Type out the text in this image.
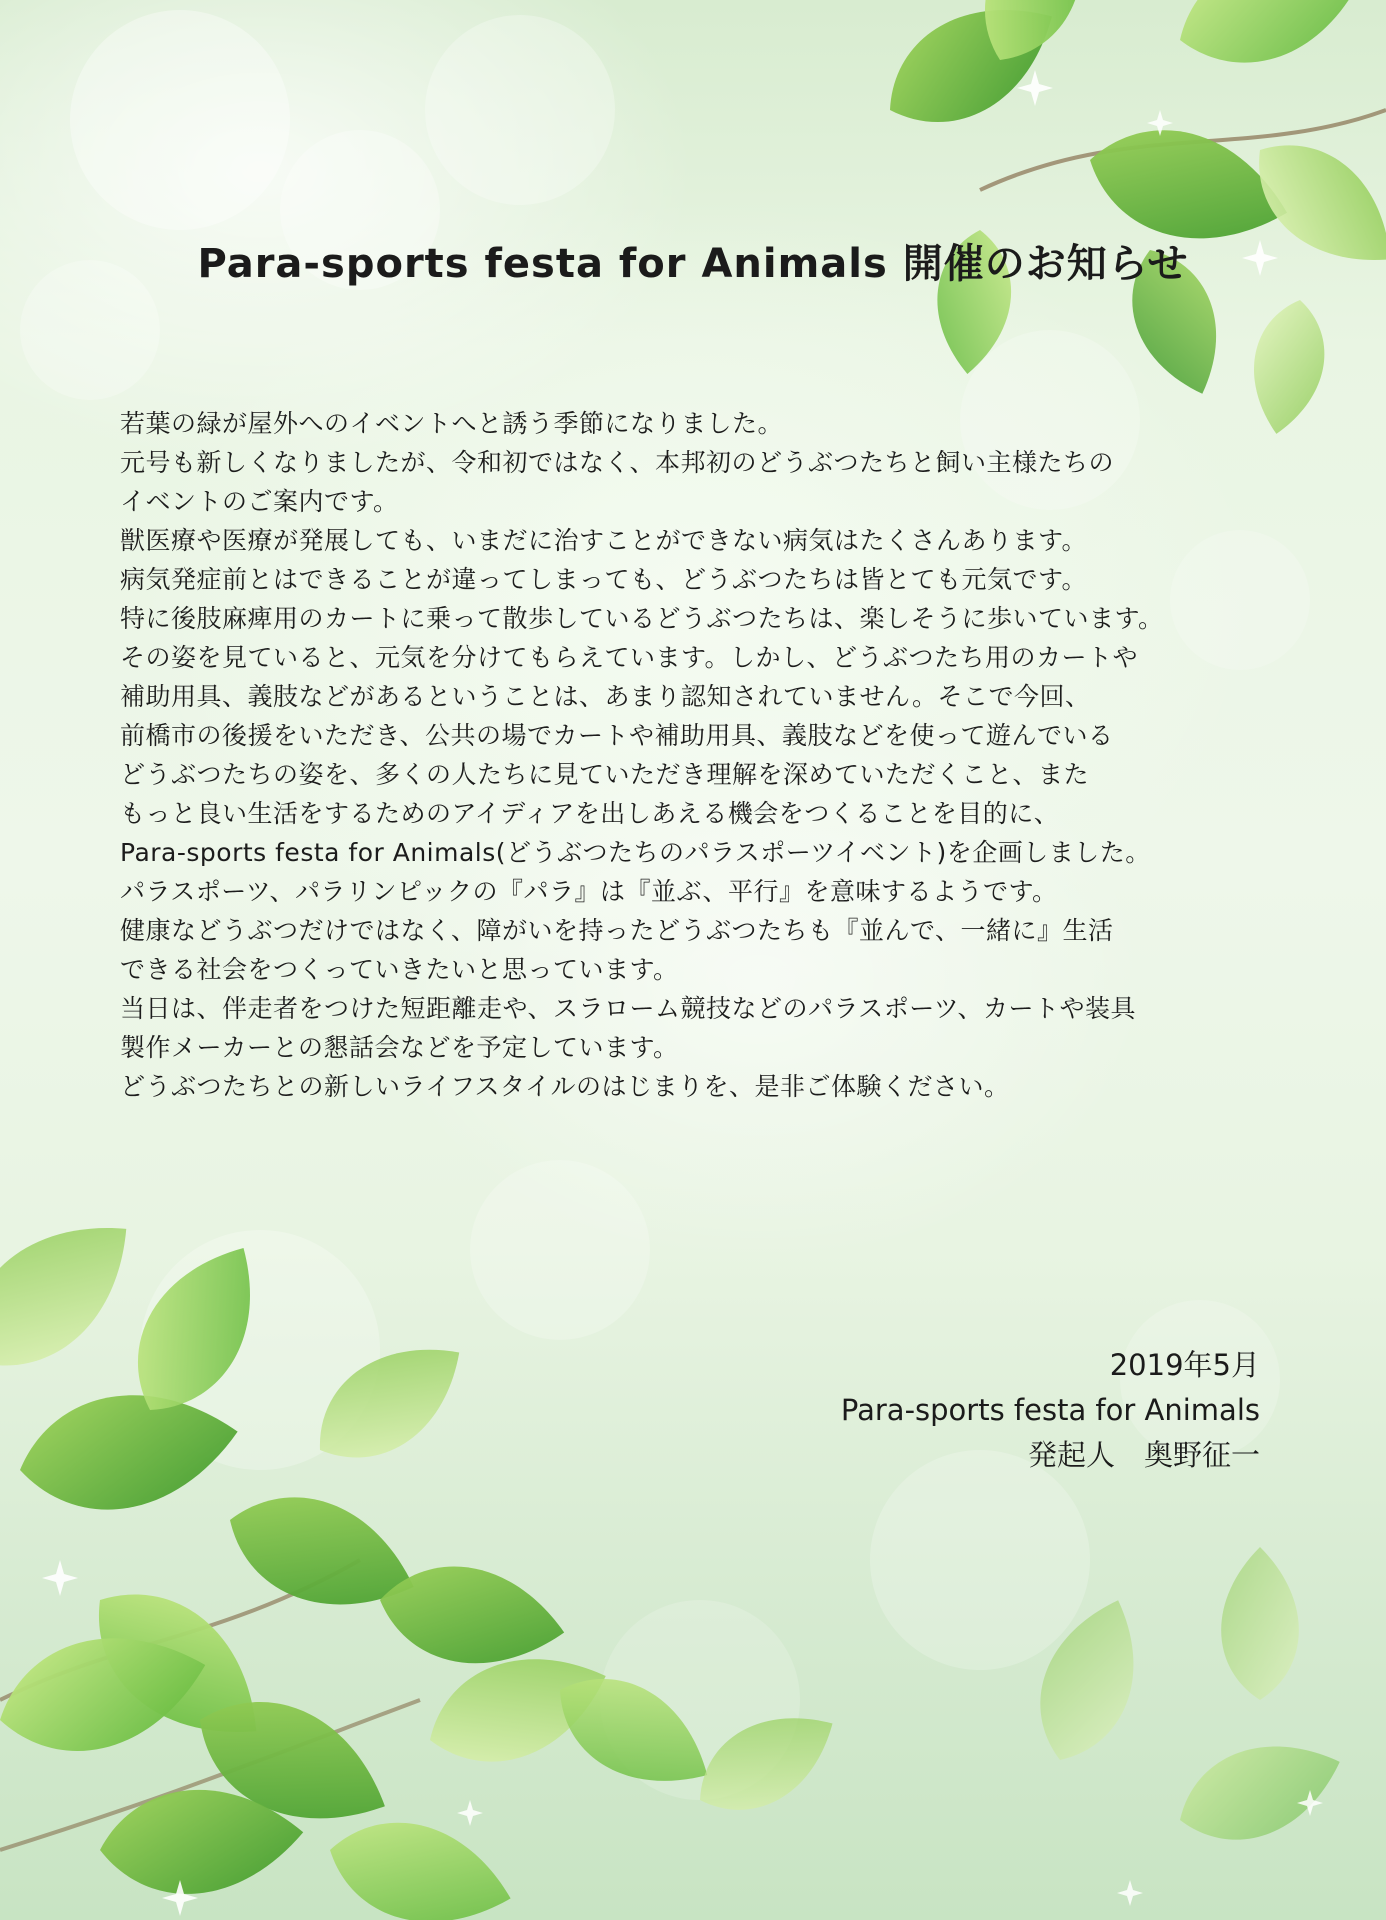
Para-sports festa for Animals 開催のお知らせ
若葉の緑が屋外へのイベントへと誘う季節になりました。
元号も新しくなりましたが、令和初ではなく、本邦初のどうぶつたちと飼い主様たちの
イベントのご案内です。
獣医療や医療が発展しても、いまだに治すことができない病気はたくさんあります。
病気発症前とはできることが違ってしまっても、どうぶつたちは皆とても元気です。
特に後肢麻痺用のカートに乗って散歩しているどうぶつたちは、楽しそうに歩いています。
その姿を見ていると、元気を分けてもらえています。しかし、どうぶつたち用のカートや
補助用具、義肢などがあるということは、あまり認知されていません。そこで今回、
前橋市の後援をいただき、公共の場でカートや補助用具、義肢などを使って遊んでいる
どうぶつたちの姿を、多くの人たちに見ていただき理解を深めていただくこと、また
もっと良い生活をするためのアイディアを出しあえる機会をつくることを目的に、
Para-sports festa for Animals(どうぶつたちのパラスポーツイベント)を企画しました。
パラスポーツ、パラリンピックの『パラ』は『並ぶ、平行』を意味するようです。
健康などうぶつだけではなく、障がいを持ったどうぶつたちも『並んで、一緒に』生活
できる社会をつくっていきたいと思っています。
当日は、伴走者をつけた短距離走や、スラローム競技などのパラスポーツ、カートや装具
製作メーカーとの懇話会などを予定しています。
どうぶつたちとの新しいライフスタイルのはじまりを、是非ご体験ください。
2019年5月
Para-sports festa for Animals
発起人　奥野征一
